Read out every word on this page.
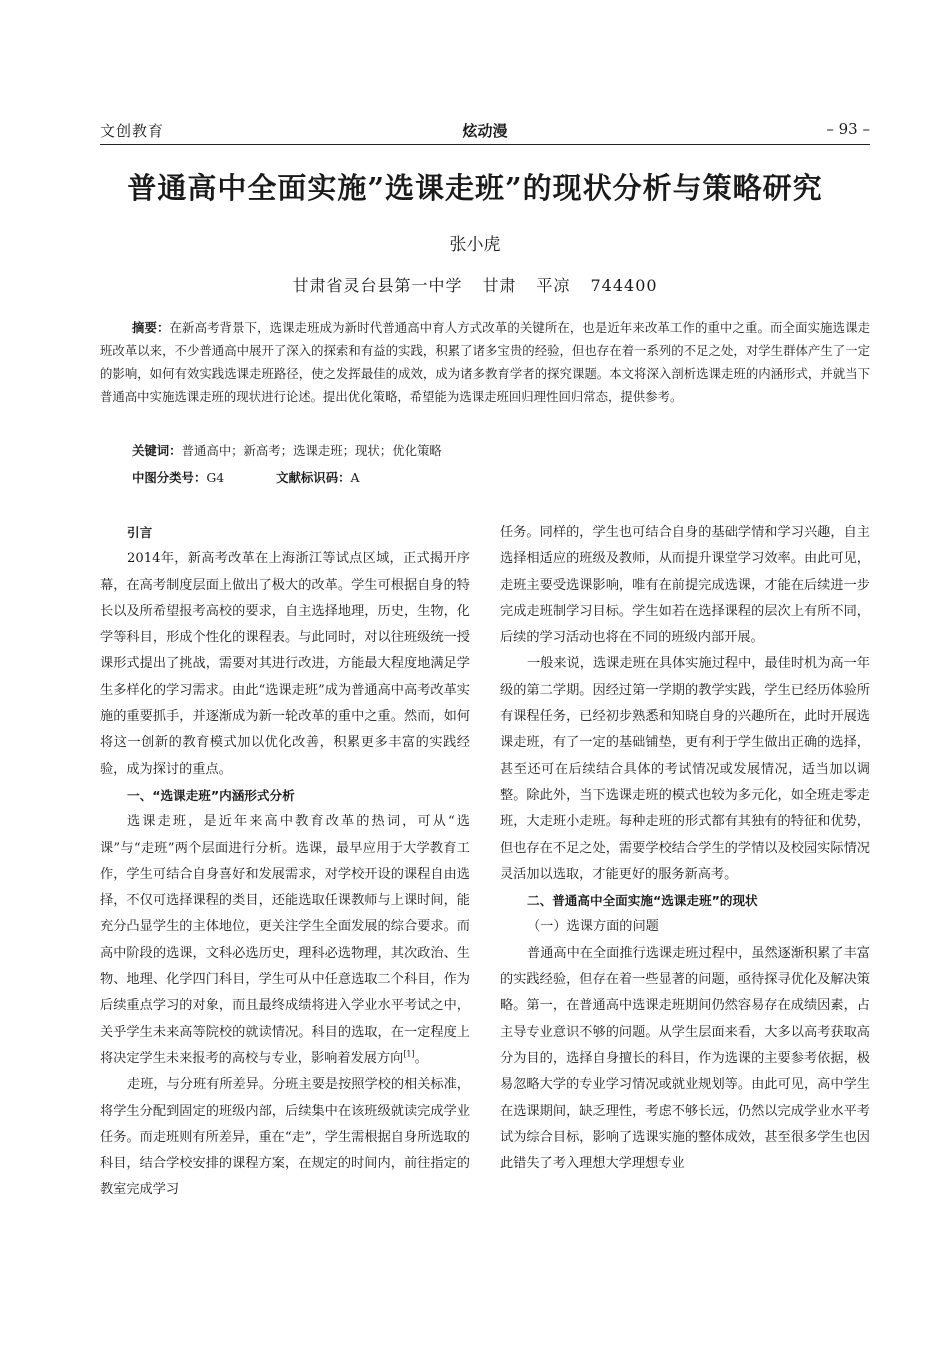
文创教育	炫动漫	– 93 –
普通高中全面实施”选课走班”的现状分析与策略研究
张小虎
甘肃省灵台县第一中学 甘肃 平凉 744400
摘要：在新高考背景下，选课走班成为新时代普通高中育人方式改革的关键所在，也是近年来改革工作的重中之重。而全面实施选课走班改革以来，不少普通高中展开了深入的探索和有益的实践，积累了诸多宝贵的经验，但也存在着一系列的不足之处，对学生群体产生了一定的影响，如何有效实践选课走班路径，使之发挥最佳的成效，成为诸多教育学者的探究课题。本文将深入剖析选课走班的内涵形式，并就当下普通高中实施选课走班的现状进行论述。提出优化策略，希望能为选课走班回归理性回归常态，提供参考。
关键词：普通高中；新高考；选课走班；现状；优化策略
中图分类号：G4	文献标识码：A
引言

2014年，新高考改革在上海浙江等试点区域，正式揭开序幕，在高考制度层面上做出了极大的改革。学生可根据自身的特长以及所希望报考高校的要求，自主选择地理，历史，生物，化学等科目，形成个性化的课程表。与此同时，对以往班级统一授课形式提出了挑战，需要对其进行改进，方能最大程度地满足学生多样化的学习需求。由此“选课走班”成为普通高中高考改革实施的重要抓手，并逐渐成为新一轮改革的重中之重。然而，如何将这一创新的教育模式加以优化改善，积累更多丰富的实践经验，成为探讨的重点。

一、“选课走班”内涵形式分析

选课走班，是近年来高中教育改革的热词，可从“选课”与“走班”两个层面进行分析。选课，最早应用于大学教育工作，学生可结合自身喜好和发展需求，对学校开设的课程自由选择，不仅可选择课程的类目，还能选取任课教师与上课时间，能充分凸显学生的主体地位，更关注学生全面发展的综合要求。而高中阶段的选课，文科必选历史，理科必选物理，其次政治、生物、地理、化学四门科目，学生可从中任意选取二个科目，作为后续重点学习的对象，而且最终成绩将进入学业水平考试之中，关乎学生未来高等院校的就读情况。科目的选取，在一定程度上将决定学生未来报考的高校与专业，影响着发展方向[1]。

走班，与分班有所差异。分班主要是按照学校的相关标准，将学生分配到固定的班级内部，后续集中在该班级就读完成学业任务。而走班则有所差异，重在“走”，学生需根据自身所选取的科目，结合学校安排的课程方案，在规定的时间内，前往指定的教室完成学习

任务。同样的，学生也可结合自身的基础学情和学习兴趣，自主选择相适应的班级及教师，从而提升课堂学习效率。由此可见，走班主要受选课影响，唯有在前提完成选课，才能在后续进一步完成走班制学习目标。学生如若在选择课程的层次上有所不同，后续的学习活动也将在不同的班级内部开展。

一般来说，选课走班在具体实施过程中，最佳时机为高一年级的第二学期。因经过第一学期的教学实践，学生已经历体验所有课程任务，已经初步熟悉和知晓自身的兴趣所在，此时开展选课走班，有了一定的基础铺垫，更有利于学生做出正确的选择，甚至还可在后续结合具体的考试情况或发展情况，适当加以调整。除此外，当下选课走班的模式也较为多元化，如全班走零走班，大走班小走班。每种走班的形式都有其独有的特征和优势，但也存在不足之处，需要学校结合学生的学情以及校园实际情况灵活加以选取，才能更好的服务新高考。

二、普通高中全面实施“选课走班”的现状
（一）选课方面的问题

普通高中在全面推行选课走班过程中，虽然逐渐积累了丰富的实践经验，但存在着一些显著的问题，亟待探寻优化及解决策略。第一，在普通高中选课走班期间仍然容易存在成绩因素，占主导专业意识不够的问题。从学生层面来看，大多以高考获取高分为目的，选择自身擅长的科目，作为选课的主要参考依据，极易忽略大学的专业学习情况或就业规划等。由此可见，高中学生在选课期间，缺乏理性，考虑不够长远，仍然以完成学业水平考试为综合目标，影响了选课实施的整体成效，甚至很多学生也因此错失了考入理想大学理想专业
